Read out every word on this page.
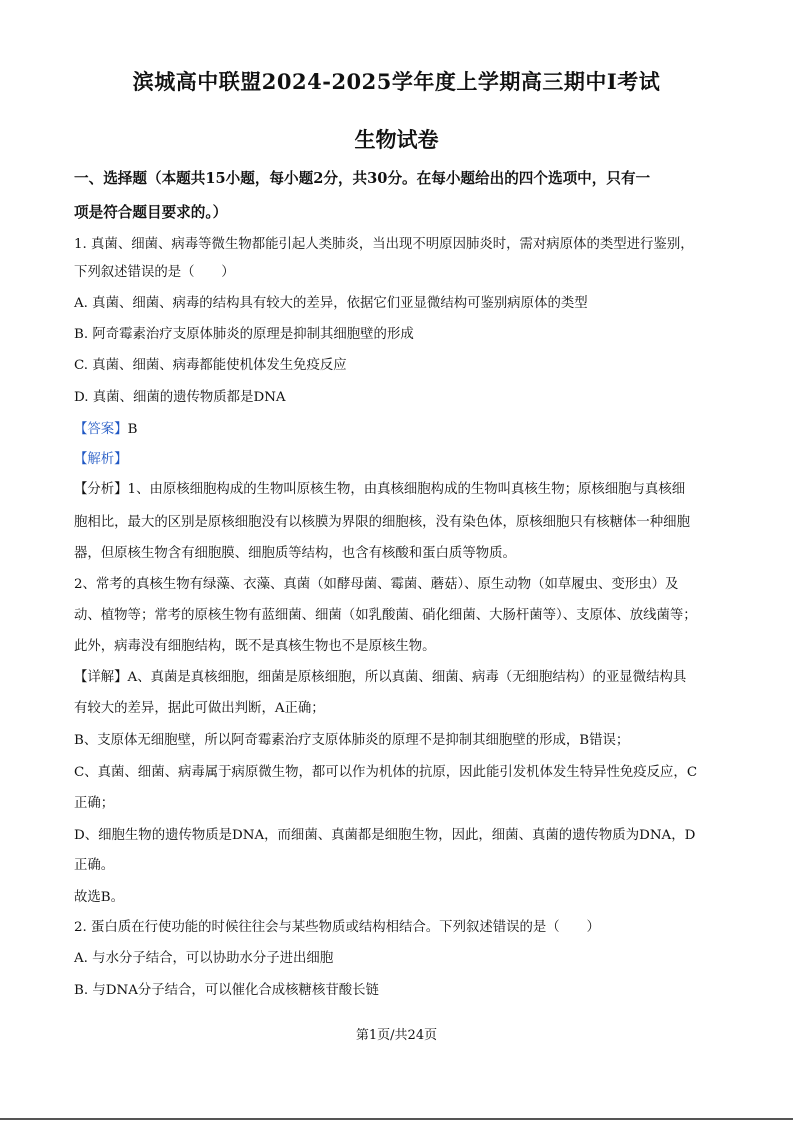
滨城高中联盟2024-2025学年度上学期高三期中Ⅰ考试
生物试卷
一、选择题（本题共15小题，每小题2分，共30分。在每小题给出的四个选项中，只有一
项是符合题目要求的。）
1. 真菌、细菌、病毒等微生物都能引起人类肺炎，当出现不明原因肺炎时，需对病原体的类型进行鉴别，
下列叙述错误的是（　　）
A. 真菌、细菌、病毒的结构具有较大的差异，依据它们亚显微结构可鉴别病原体的类型
B. 阿奇霉素治疗支原体肺炎的原理是抑制其细胞壁的形成
C. 真菌、细菌、病毒都能使机体发生免疫反应
D. 真菌、细菌的遗传物质都是DNA
【答案】B
【解析】
【分析】1、由原核细胞构成的生物叫原核生物，由真核细胞构成的生物叫真核生物；原核细胞与真核细
胞相比，最大的区别是原核细胞没有以核膜为界限的细胞核，没有染色体，原核细胞只有核糖体一种细胞
器，但原核生物含有细胞膜、细胞质等结构，也含有核酸和蛋白质等物质。
2、常考的真核生物有绿藻、衣藻、真菌（如酵母菌、霉菌、蘑菇）、原生动物（如草履虫、变形虫）及
动、植物等；常考的原核生物有蓝细菌、细菌（如乳酸菌、硝化细菌、大肠杆菌等）、支原体、放线菌等；
此外，病毒没有细胞结构，既不是真核生物也不是原核生物。
【详解】A、真菌是真核细胞，细菌是原核细胞，所以真菌、细菌、病毒（无细胞结构）的亚显微结构具
有较大的差异，据此可做出判断，A正确；
B、支原体无细胞壁，所以阿奇霉素治疗支原体肺炎的原理不是抑制其细胞壁的形成，B错误；
C、真菌、细菌、病毒属于病原微生物，都可以作为机体的抗原，因此能引发机体发生特异性免疫反应，C
正确；
D、细胞生物的遗传物质是DNA，而细菌、真菌都是细胞生物，因此，细菌、真菌的遗传物质为DNA，D
正确。
故选B。
2. 蛋白质在行使功能的时候往往会与某些物质或结构相结合。下列叙述错误的是（　　）
A. 与水分子结合，可以协助水分子进出细胞
B. 与DNA分子结合，可以催化合成核糖核苷酸长链
第1页/共24页
